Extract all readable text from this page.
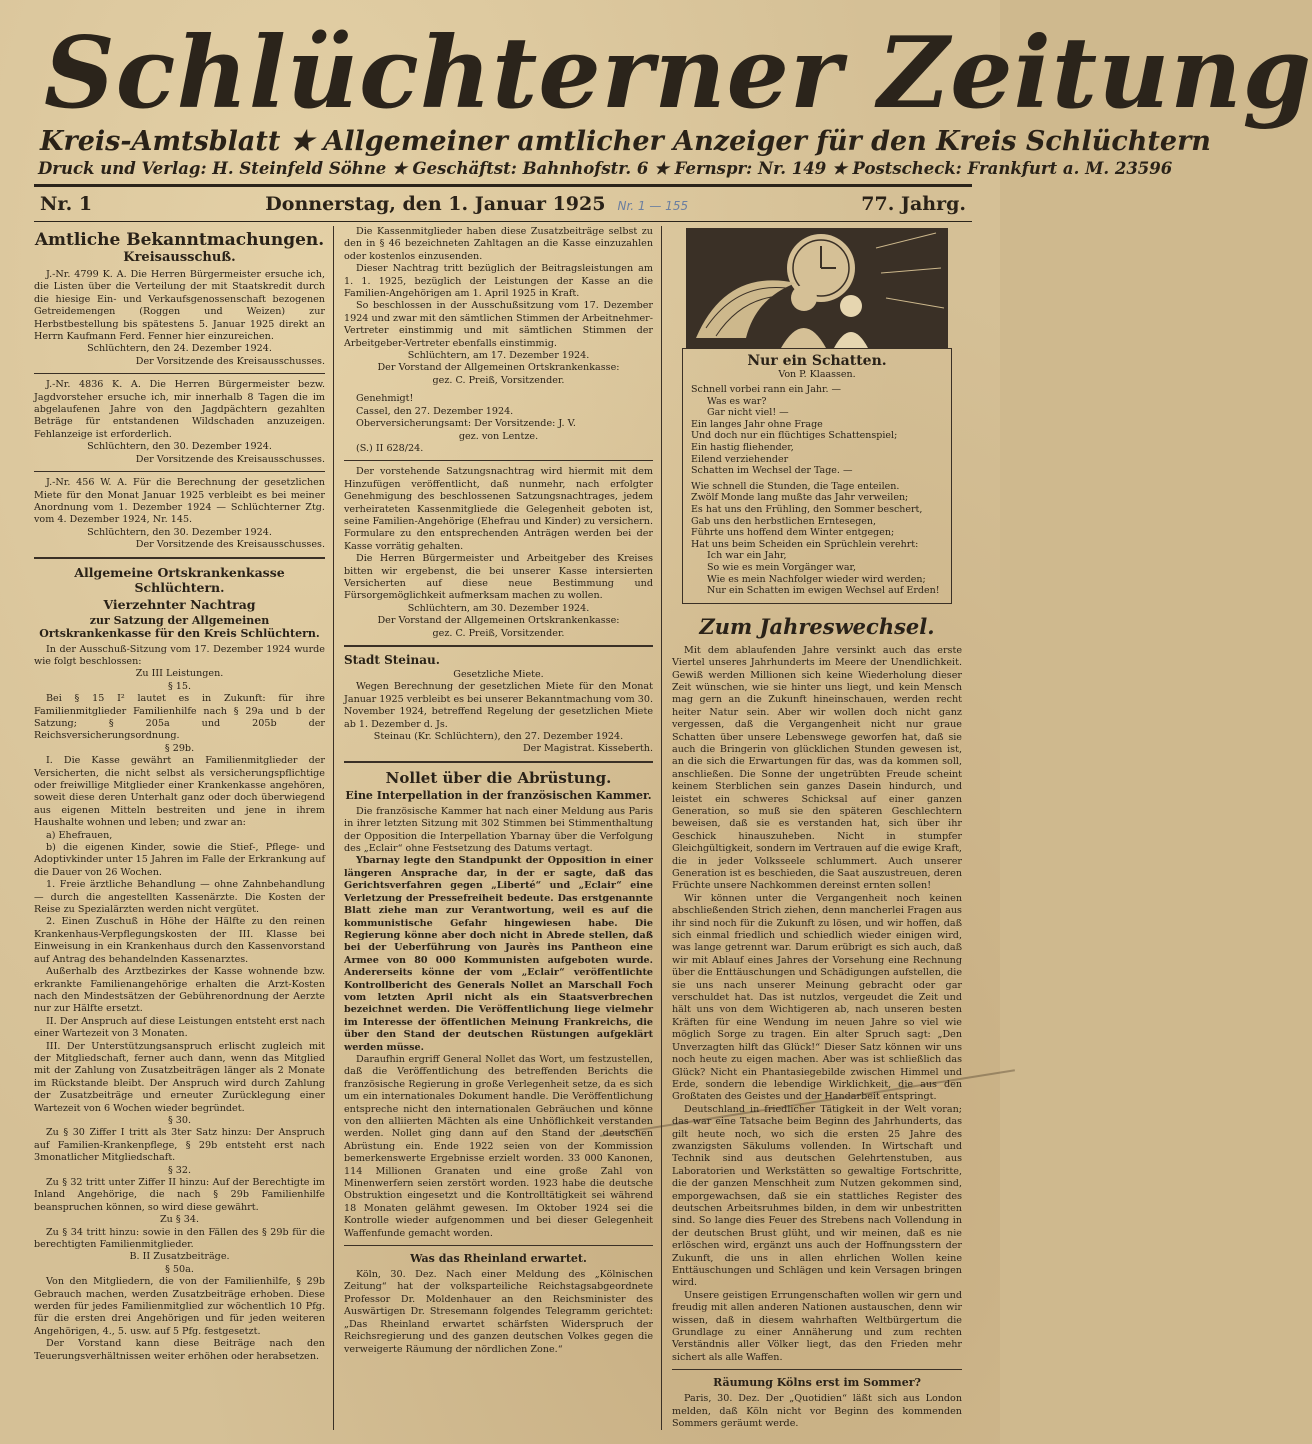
Schlüchterner Zeitung
Kreis-Amtsblatt ★ Allgemeiner amtlicher Anzeiger für den Kreis Schlüchtern
Druck und Verlag: H. Steinfeld Söhne ★ Geschäftst: Bahnhofstr. 6 ★ Fernspr: Nr. 149 ★ Postscheck: Frankfurt a. M. 23596
Nr. 1	Donnerstag, den 1. Januar 1925 Nr. 1 — 155	77. Jahrg.
Amtliche Bekanntmachungen.
Kreisausschuß.

J.-Nr. 4799 K. A. Die Herren Bürgermeister ersuche ich, die Listen über die Verteilung der mit Staatskredit durch die hiesige Ein- und Verkaufsgenossenschaft bezogenen Getreidemengen (Roggen und Weizen) zur Herbstbestellung bis spätestens 5. Januar 1925 direkt an Herrn Kaufmann Ferd. Fenner hier einzureichen.

Schlüchtern, den 24. Dezember 1924.

Der Vorsitzende des Kreisausschusses.

J.-Nr. 4836 K. A. Die Herren Bürgermeister bezw. Jagdvorsteher ersuche ich, mir innerhalb 8 Tagen die im abgelaufenen Jahre von den Jagdpächtern gezahlten Beträge für entstandenen Wildschaden anzuzeigen. Fehlanzeige ist erforderlich.

Schlüchtern, den 30. Dezember 1924.

Der Vorsitzende des Kreisausschusses.

J.-Nr. 456 W. A. Für die Berechnung der gesetzlichen Miete für den Monat Januar 1925 verbleibt es bei meiner Anordnung vom 1. Dezember 1924 — Schlüchterner Ztg. vom 4. Dezember 1924, Nr. 145.

Schlüchtern, den 30. Dezember 1924.

Der Vorsitzende des Kreisausschusses.

Allgemeine Ortskrankenkasse Schlüchtern.
Vierzehnter Nachtrag
zur Satzung der Allgemeinen Ortskrankenkasse für den Kreis Schlüchtern.

In der Ausschuß-Sitzung vom 17. Dezember 1924 wurde wie folgt beschlossen:

Zu III Leistungen.

§ 15.

Bei § 15 I² lautet es in Zukunft: für ihre Familienmitglieder Familienhilfe nach § 29a und b der Satzung; § 205a und 205b der Reichsversicherungsordnung.

§ 29b.

I. Die Kasse gewährt an Familienmitglieder der Versicherten, die nicht selbst als versicherungspflichtige oder freiwillige Mitglieder einer Krankenkasse angehören, soweit diese deren Unterhalt ganz oder doch überwiegend aus eigenen Mitteln bestreiten und jene in ihrem Haushalte wohnen und leben; und zwar an:

a) Ehefrauen,

b) die eigenen Kinder, sowie die Stief-, Pflege- und Adoptivkinder unter 15 Jahren im Falle der Erkrankung auf die Dauer von 26 Wochen.

1. Freie ärztliche Behandlung — ohne Zahnbehandlung — durch die angestellten Kassenärzte. Die Kosten der Reise zu Spezialärzten werden nicht vergütet.

2. Einen Zuschuß in Höhe der Hälfte zu den reinen Krankenhaus-Verpflegungskosten der III. Klasse bei Einweisung in ein Krankenhaus durch den Kassenvorstand auf Antrag des behandelnden Kassenarztes.

Außerhalb des Arztbezirkes der Kasse wohnende bzw. erkrankte Familienangehörige erhalten die Arzt-Kosten nach den Mindestsätzen der Gebührenordnung der Aerzte nur zur Hälfte ersetzt.

II. Der Anspruch auf diese Leistungen entsteht erst nach einer Wartezeit von 3 Monaten.

III. Der Unterstützungsanspruch erlischt zugleich mit der Mitgliedschaft, ferner auch dann, wenn das Mitglied mit der Zahlung von Zusatzbeiträgen länger als 2 Monate im Rückstande bleibt. Der Anspruch wird durch Zahlung der Zusatzbeiträge und erneuter Zurücklegung einer Wartezeit von 6 Wochen wieder begründet.

§ 30.

Zu § 30 Ziffer I tritt als 3ter Satz hinzu: Der Anspruch auf Familien-Krankenpflege, § 29b entsteht erst nach 3monatlicher Mitgliedschaft.

§ 32.

Zu § 32 tritt unter Ziffer II hinzu: Auf der Berechtigte im Inland Angehörige, die nach § 29b Familienhilfe beanspruchen können, so wird diese gewährt.

Zu § 34.

Zu § 34 tritt hinzu: sowie in den Fällen des § 29b für die berechtigten Familienmitglieder.

B. II Zusatzbeiträge.

§ 50a.

Von den Mitgliedern, die von der Familienhilfe, § 29b Gebrauch machen, werden Zusatzbeiträge erhoben. Diese werden für jedes Familienmitglied zur wöchentlich 10 Pfg. für die ersten drei Angehörigen und für jeden weiteren Angehörigen, 4., 5. usw. auf 5 Pfg. festgesetzt.

Der Vorstand kann diese Beiträge nach den Teuerungsverhältnissen weiter erhöhen oder herabsetzen.

Die Kassenmitglieder haben diese Zusatzbeiträge selbst zu den in § 46 bezeichneten Zahltagen an die Kasse einzuzahlen oder kostenlos einzusenden.

Dieser Nachtrag tritt bezüglich der Beitragsleistungen am 1. 1. 1925, bezüglich der Leistungen der Kasse an die Familien-Angehörigen am 1. April 1925 in Kraft.

So beschlossen in der Ausschußsitzung vom 17. Dezember 1924 und zwar mit den sämtlichen Stimmen der Arbeitnehmer-Vertreter einstimmig und mit sämtlichen Stimmen der Arbeitgeber-Vertreter ebenfalls einstimmig.

Schlüchtern, am 17. Dezember 1924.

Der Vorstand der Allgemeinen Ortskrankenkasse:

gez. C. Preiß, Vorsitzender.

Genehmigt!

Cassel, den 27. Dezember 1924.

Oberversicherungsamt: Der Vorsitzende: J. V.

gez. von Lentze.

(S.) II 628/24.

Der vorstehende Satzungsnachtrag wird hiermit mit dem Hinzufügen veröffentlicht, daß nunmehr, nach erfolgter Genehmigung des beschlossenen Satzungsnachtrages, jedem verheirateten Kassenmitgliede die Gelegenheit geboten ist, seine Familien-Angehörige (Ehefrau und Kinder) zu versichern. Formulare zu den entsprechenden Anträgen werden bei der Kasse vorrätig gehalten.

Die Herren Bürgermeister und Arbeitgeber des Kreises bitten wir ergebenst, die bei unserer Kasse intersierten Versicherten auf diese neue Bestimmung und Fürsorgemöglichkeit aufmerksam machen zu wollen.

Schlüchtern, am 30. Dezember 1924.

Der Vorstand der Allgemeinen Ortskrankenkasse:

gez. C. Preiß, Vorsitzender.

Stadt Steinau.

Gesetzliche Miete.

Wegen Berechnung der gesetzlichen Miete für den Monat Januar 1925 verbleibt es bei unserer Bekanntmachung vom 30. November 1924, betreffend Regelung der gesetzlichen Miete ab 1. Dezember d. Js.

Steinau (Kr. Schlüchtern), den 27. Dezember 1924.

Der Magistrat. Kisseberth.

Nollet über die Abrüstung.
Eine Interpellation in der französischen Kammer.

Die französische Kammer hat nach einer Meldung aus Paris in ihrer letzten Sitzung mit 302 Stimmen bei Stimmenthaltung der Opposition die Interpellation Ybarnay über die Verfolgung des „Eclair“ ohne Festsetzung des Datums vertagt.

Ybarnay legte den Standpunkt der Opposition in einer längeren Ansprache dar, in der er sagte, daß das Gerichtsverfahren gegen „Liberté“ und „Eclair“ eine Verletzung der Pressefreiheit bedeute. Das erstgenannte Blatt ziehe man zur Verantwortung, weil es auf die kommunistische Gefahr hingewiesen habe. Die Regierung könne aber doch nicht in Abrede stellen, daß bei der Ueberführung von Jaurès ins Pantheon eine Armee von 80 000 Kommunisten aufgeboten wurde. Andererseits könne der vom „Eclair“ veröffentlichte Kontrollbericht des Generals Nollet an Marschall Foch vom letzten April nicht als ein Staatsverbrechen bezeichnet werden. Die Veröffentlichung liege vielmehr im Interesse der öffentlichen Meinung Frankreichs, die über den Stand der deutschen Rüstungen aufgeklärt werden müsse.

Daraufhin ergriff General Nollet das Wort, um festzustellen, daß die Veröffentlichung des betreffenden Berichts die französische Regierung in große Verlegenheit setze, da es sich um ein internationales Dokument handle. Die Veröffentlichung entspreche nicht den internationalen Gebräuchen und könne von den alliierten Mächten als eine Unhöflichkeit verstanden werden. Nollet ging dann auf den Stand der deutschen Abrüstung ein. Ende 1922 seien von der Kommission bemerkenswerte Ergebnisse erzielt worden. 33 000 Kanonen, 114 Millionen Granaten und eine große Zahl von Minenwerfern seien zerstört worden. 1923 habe die deutsche Obstruktion eingesetzt und die Kontrolltätigkeit sei während 18 Monaten gelähmt gewesen. Im Oktober 1924 sei die Kontrolle wieder aufgenommen und bei dieser Gelegenheit Waffenfunde gemacht worden.

Was das Rheinland erwartet.

Köln, 30. Dez. Nach einer Meldung des „Kölnischen Zeitung“ hat der volksparteiliche Reichstagsabgeordnete Professor Dr. Moldenhauer an den Reichsminister des Auswärtigen Dr. Stresemann folgendes Telegramm gerichtet: „Das Rheinland erwartet schärfsten Widerspruch der Reichsregierung und des ganzen deutschen Volkes gegen die verweigerte Räumung der nördlichen Zone.“

Nur ein Schatten.
Von P. Klaassen.
Schnell vorbei rann ein Jahr. —
Was es war?
Gar nicht viel! —
Ein langes Jahr ohne Frage
Und doch nur ein flüchtiges Schattenspiel;
Ein hastig fliehender,
Eilend verziehender
Schatten im Wechsel der Tage. —
Wie schnell die Stunden, die Tage enteilen.
Zwölf Monde lang mußte das Jahr verweilen;
Es hat uns den Frühling, den Sommer beschert,
Gab uns den herbstlichen Erntesegen,
Führte uns hoffend dem Winter entgegen;
Hat uns beim Scheiden ein Sprüchlein verehrt:
Ich war ein Jahr,
So wie es mein Vorgänger war,
Wie es mein Nachfolger wieder wird werden;
Nur ein Schatten im ewigen Wechsel auf Erden!
Zum Jahreswechsel.

Mit dem ablaufenden Jahre versinkt auch das erste Viertel unseres Jahrhunderts im Meere der Unendlichkeit. Gewiß werden Millionen sich keine Wiederholung dieser Zeit wünschen, wie sie hinter uns liegt, und kein Mensch mag gern an die Zukunft hineinschauen, werden recht heiter Natur sein. Aber wir wollen doch nicht ganz vergessen, daß die Vergangenheit nicht nur graue Schatten über unsere Lebenswege geworfen hat, daß sie auch die Bringerin von glücklichen Stunden gewesen ist, an die sich die Erwartungen für das, was da kommen soll, anschließen. Die Sonne der ungetrübten Freude scheint keinem Sterblichen sein ganzes Dasein hindurch, und leistet ein schweres Schicksal auf einer ganzen Generation, so muß sie den späteren Geschlechtern beweisen, daß sie es verstanden hat, sich über ihr Geschick hinauszuheben. Nicht in stumpfer Gleichgültigkeit, sondern im Vertrauen auf die ewige Kraft, die in jeder Volksseele schlummert. Auch unserer Generation ist es beschieden, die Saat auszustreuen, deren Früchte unsere Nachkommen dereinst ernten sollen!

Wir können unter die Vergangenheit noch keinen abschließenden Strich ziehen, denn mancherlei Fragen aus ihr sind noch für die Zukunft zu lösen, und wir hoffen, daß sich einmal friedlich und schiedlich wieder einigen wird, was lange getrennt war. Darum erübrigt es sich auch, daß wir mit Ablauf eines Jahres der Vorsehung eine Rechnung über die Enttäuschungen und Schädigungen aufstellen, die sie uns nach unserer Meinung gebracht oder gar verschuldet hat. Das ist nutzlos, vergeudet die Zeit und hält uns von dem Wichtigeren ab, nach unseren besten Kräften für eine Wendung im neuen Jahre so viel wie möglich Sorge zu tragen. Ein alter Spruch sagt: „Den Unverzagten hilft das Glück!“ Dieser Satz können wir uns noch heute zu eigen machen. Aber was ist schließlich das Glück? Nicht ein Phantasiegebilde zwischen Himmel und Erde, sondern die lebendige Wirklichkeit, die aus den Großtaten des Geistes und der Handarbeit entspringt.

Deutschland in friedlicher Tätigkeit in der Welt voran; das war eine Tatsache beim Beginn des Jahrhunderts, das gilt heute noch, wo sich die ersten 25 Jahre des zwanzigsten Säkulums vollenden. In Wirtschaft und Technik sind aus deutschen Gelehrtenstuben, aus Laboratorien und Werkstätten so gewaltige Fortschritte, die der ganzen Menschheit zum Nutzen gekommen sind, emporgewachsen, daß sie ein stattliches Register des deutschen Arbeitsruhmes bilden, in dem wir unbestritten sind. So lange dies Feuer des Strebens nach Vollendung in der deutschen Brust glüht, und wir meinen, daß es nie erlöschen wird, ergänzt uns auch der Hoffnungsstern der Zukunft, die uns in allen ehrlichen Wollen keine Enttäuschungen und Schlägen und kein Versagen bringen wird.

Unsere geistigen Errungenschaften wollen wir gern und freudig mit allen anderen Nationen austauschen, denn wir wissen, daß in diesem wahrhaften Weltbürgertum die Grundlage zu einer Annäherung und zum rechten Verständnis aller Völker liegt, das den Frieden mehr sichert als alle Waffen.

Räumung Kölns erst im Sommer?

Paris, 30. Dez. Der „Quotidien“ läßt sich aus London melden, daß Köln nicht vor Beginn des kommenden Sommers geräumt werde.
